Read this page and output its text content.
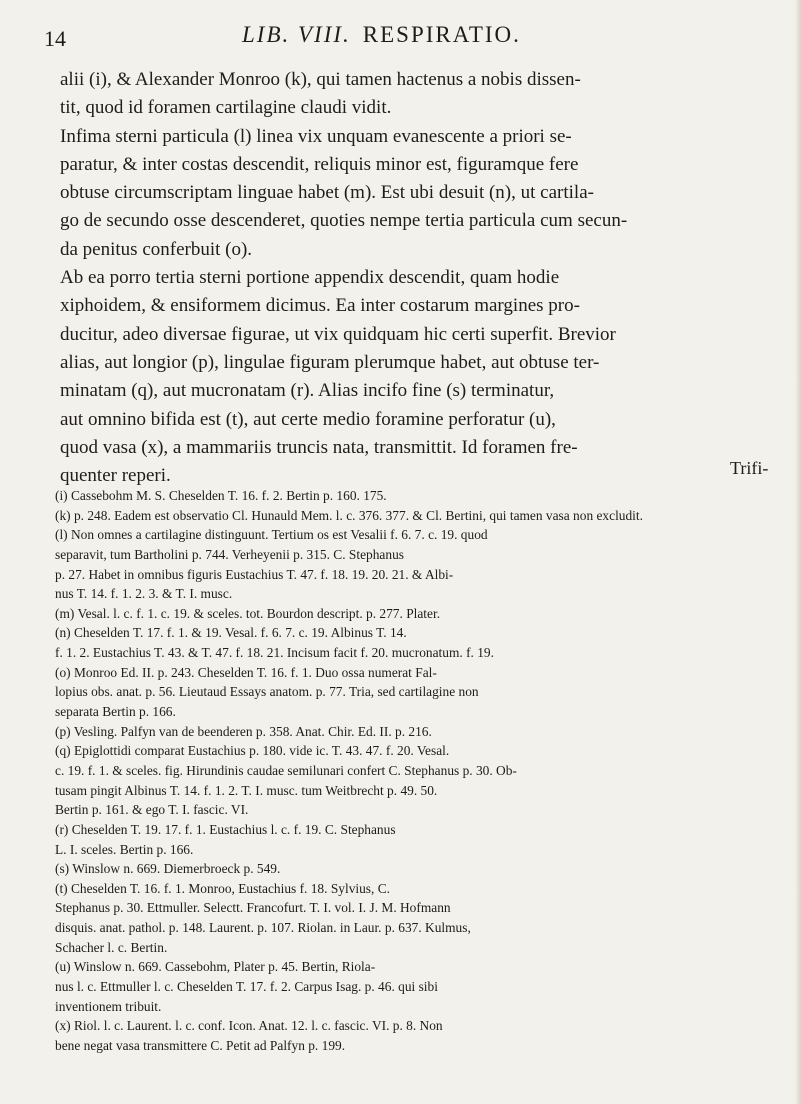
14	LIB. VIII. RESPIRATIO.
alii (i), & Alexander Monroo (k), qui tamen hactenus a nobis dissen-
tit, quod id foramen cartilagine claudi vidit.
Infima sterni particula (l) linea vix unquam evanescente a priori se-
paratur, & inter costas descendit, reliquis minor est, figuramque fere
obtuse circumscriptam linguae habet (m). Est ubi desuit (n), ut cartila-
go de secundo osse descenderet, quoties nempe tertia particula cum secun-
da penitus conferbuit (o).
Ab ea porro tertia sterni portione appendix descendit, quam hodie
xiphoidem, & ensiformem dicimus. Ea inter costarum margines pro-
ducitur, adeo diversae figurae, ut vix quidquam hic certi superfit. Brevior
alias, aut longior (p), lingulae figuram plerumque habet, aut obtuse ter-
minatam (q), aut mucronatam (r). Alias incifo fine (s) terminatur,
aut omnino bifida est (t), aut certe medio foramine perforatur (u),
quod vasa (x), a mammariis truncis nata, transmittit. Id foramen fre-
quenter reperi.	Trifi-
(i) Cassebohm M. S. Cheselden T. 16. f. 2. Bertin p. 160. 175.
(k) p. 248. Eadem est observatio Cl. Hunauld Mem. l. c. 376. 377. & Cl. Bertini, qui tamen vasa non excludit.
(l) Non omnes a cartilagine distinguunt. Tertium os est Vesalii f. 6. 7. c. 19. quod
separavit, tum Bartholini p. 744. Verheyenii p. 315. C. Stephanus
p. 27. Habet in omnibus figuris Eustachius T. 47. f. 18. 19. 20. 21. & Albi-
nus T. 14. f. 1. 2. 3. & T. I. musc.
(m) Vesal. l. c. f. 1. c. 19. & sceles. tot. Bourdon descript. p. 277. Plater.
(n) Cheselden T. 17. f. 1. & 19. Vesal. f. 6. 7. c. 19. Albinus T. 14.
f. 1. 2. Eustachius T. 43. & T. 47. f. 18. 21. Incisum facit f. 20. mucronatum. f. 19.
(o) Monroo Ed. II. p. 243. Cheselden T. 16. f. 1. Duo ossa numerat Fal-
lopius obs. anat. p. 56. Lieutaud Essays anatom. p. 77. Tria, sed cartilagine non
separata Bertin p. 166.
(p) Vesling. Palfyn van de beenderen p. 358. Anat. Chir. Ed. II. p. 216.
(q) Epiglottidi comparat Eustachius p. 180. vide ic. T. 43. 47. f. 20. Vesal.
c. 19. f. 1. & sceles. fig. Hirundinis caudae semilunari confert C. Stephanus p. 30. Ob-
tusam pingit Albinus T. 14. f. 1. 2. T. I. musc. tum Weitbrecht p. 49. 50.
Bertin p. 161. & ego T. I. fascic. VI.
(r) Cheselden T. 19. 17. f. 1. Eustachius l. c. f. 19. C. Stephanus
L. I. sceles. Bertin p. 166.
(s) Winslow n. 669. Diemerbroeck p. 549.
(t) Cheselden T. 16. f. 1. Monroo, Eustachius f. 18. Sylvius, C.
Stephanus p. 30. Ettmuller. Selectt. Francofurt. T. I. vol. I. J. M. Hofmann
disquis. anat. pathol. p. 148. Laurent. p. 107. Riolan. in Laur. p. 637. Kulmus,
Schacher l. c. Bertin.
(u) Winslow n. 669. Cassebohm, Plater p. 45. Bertin, Riola-
nus l. c. Ettmuller l. c. Cheselden T. 17. f. 2. Carpus Isag. p. 46. qui sibi
inventionem tribuit.
(x) Riol. l. c. Laurent. l. c. conf. Icon. Anat. 12. l. c. fascic. VI. p. 8. Non
bene negat vasa transmittere C. Petit ad Palfyn p. 199.
